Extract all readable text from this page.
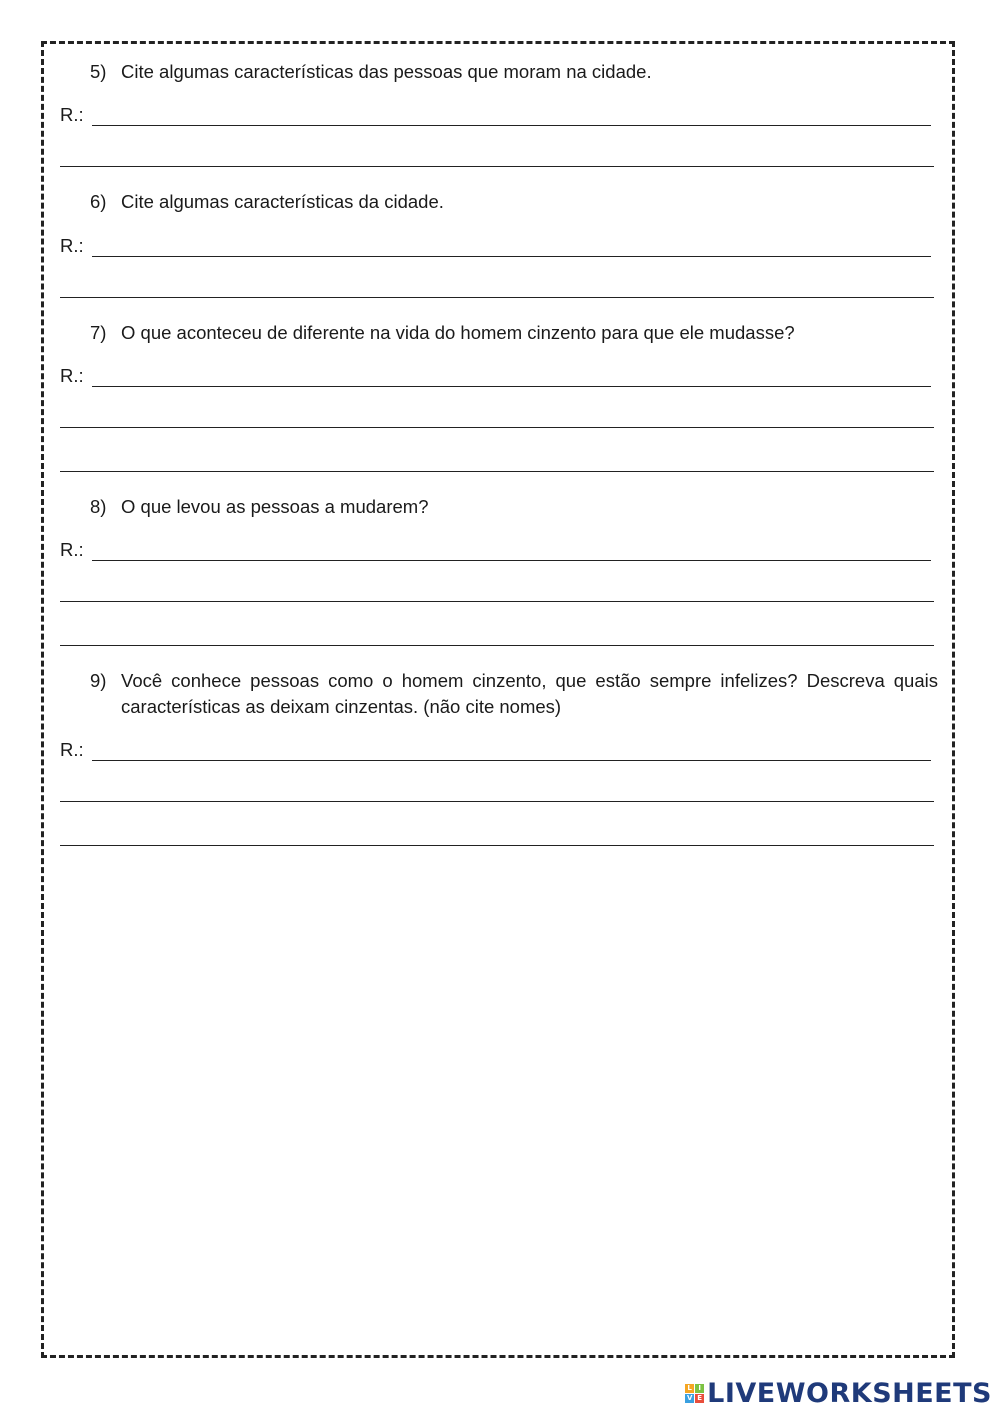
5) Cite algumas características das pessoas que moram na cidade.
R.:
6) Cite algumas características da cidade.
R.:
7) O que aconteceu de diferente na vida do homem cinzento para que ele mudasse?
R.:
8) O que levou as pessoas a mudarem?
R.:
9) Você conhece pessoas como o homem cinzento, que estão sempre infelizes? Descreva quais características as deixam cinzentas. (não cite nomes)
R.:
L I
V E LIVEWORKSHEETS
